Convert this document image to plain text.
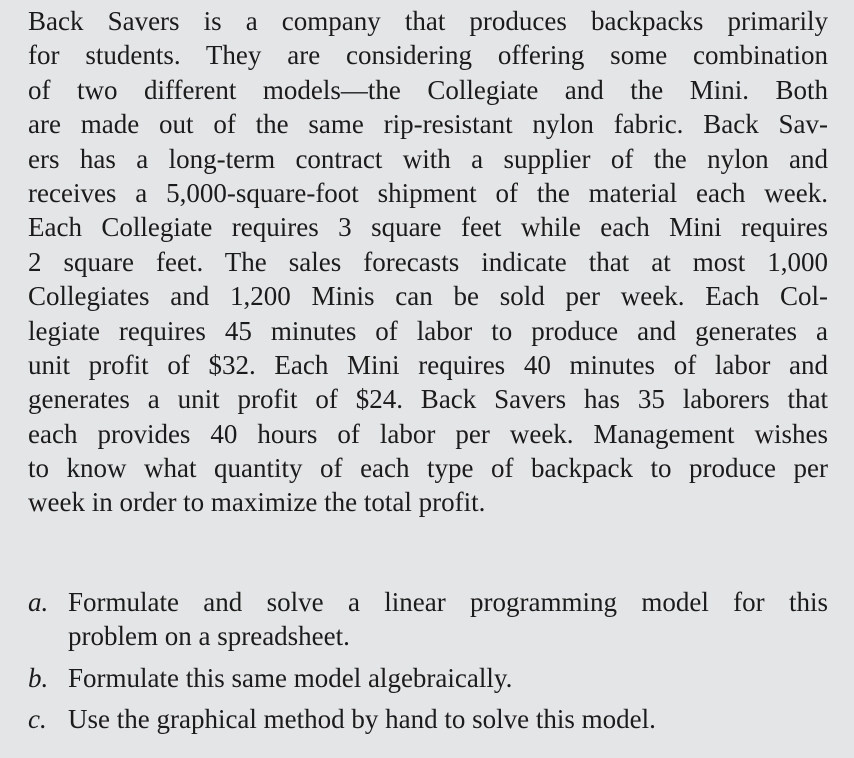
Back Savers is a company that produces backpacks primarily
for students. They are considering offering some combination
of two different models—the Collegiate and the Mini. Both
are made out of the same rip-resistant nylon fabric. Back Sav-
ers has a long-term contract with a supplier of the nylon and
receives a 5,000-square-foot shipment of the material each week.
Each Collegiate requires 3 square feet while each Mini requires
2 square feet. The sales forecasts indicate that at most 1,000
Collegiates and 1,200 Minis can be sold per week. Each Col-
legiate requires 45 minutes of labor to produce and generates a
unit profit of $32. Each Mini requires 40 minutes of labor and
generates a unit profit of $24. Back Savers has 35 laborers that
each provides 40 hours of labor per week. Management wishes
to know what quantity of each type of backpack to produce per
week in order to maximize the total profit.
a. Formulate and solve a linear programming model for this
problem on a spreadsheet.
b. Formulate this same model algebraically.
c. Use the graphical method by hand to solve this model.
